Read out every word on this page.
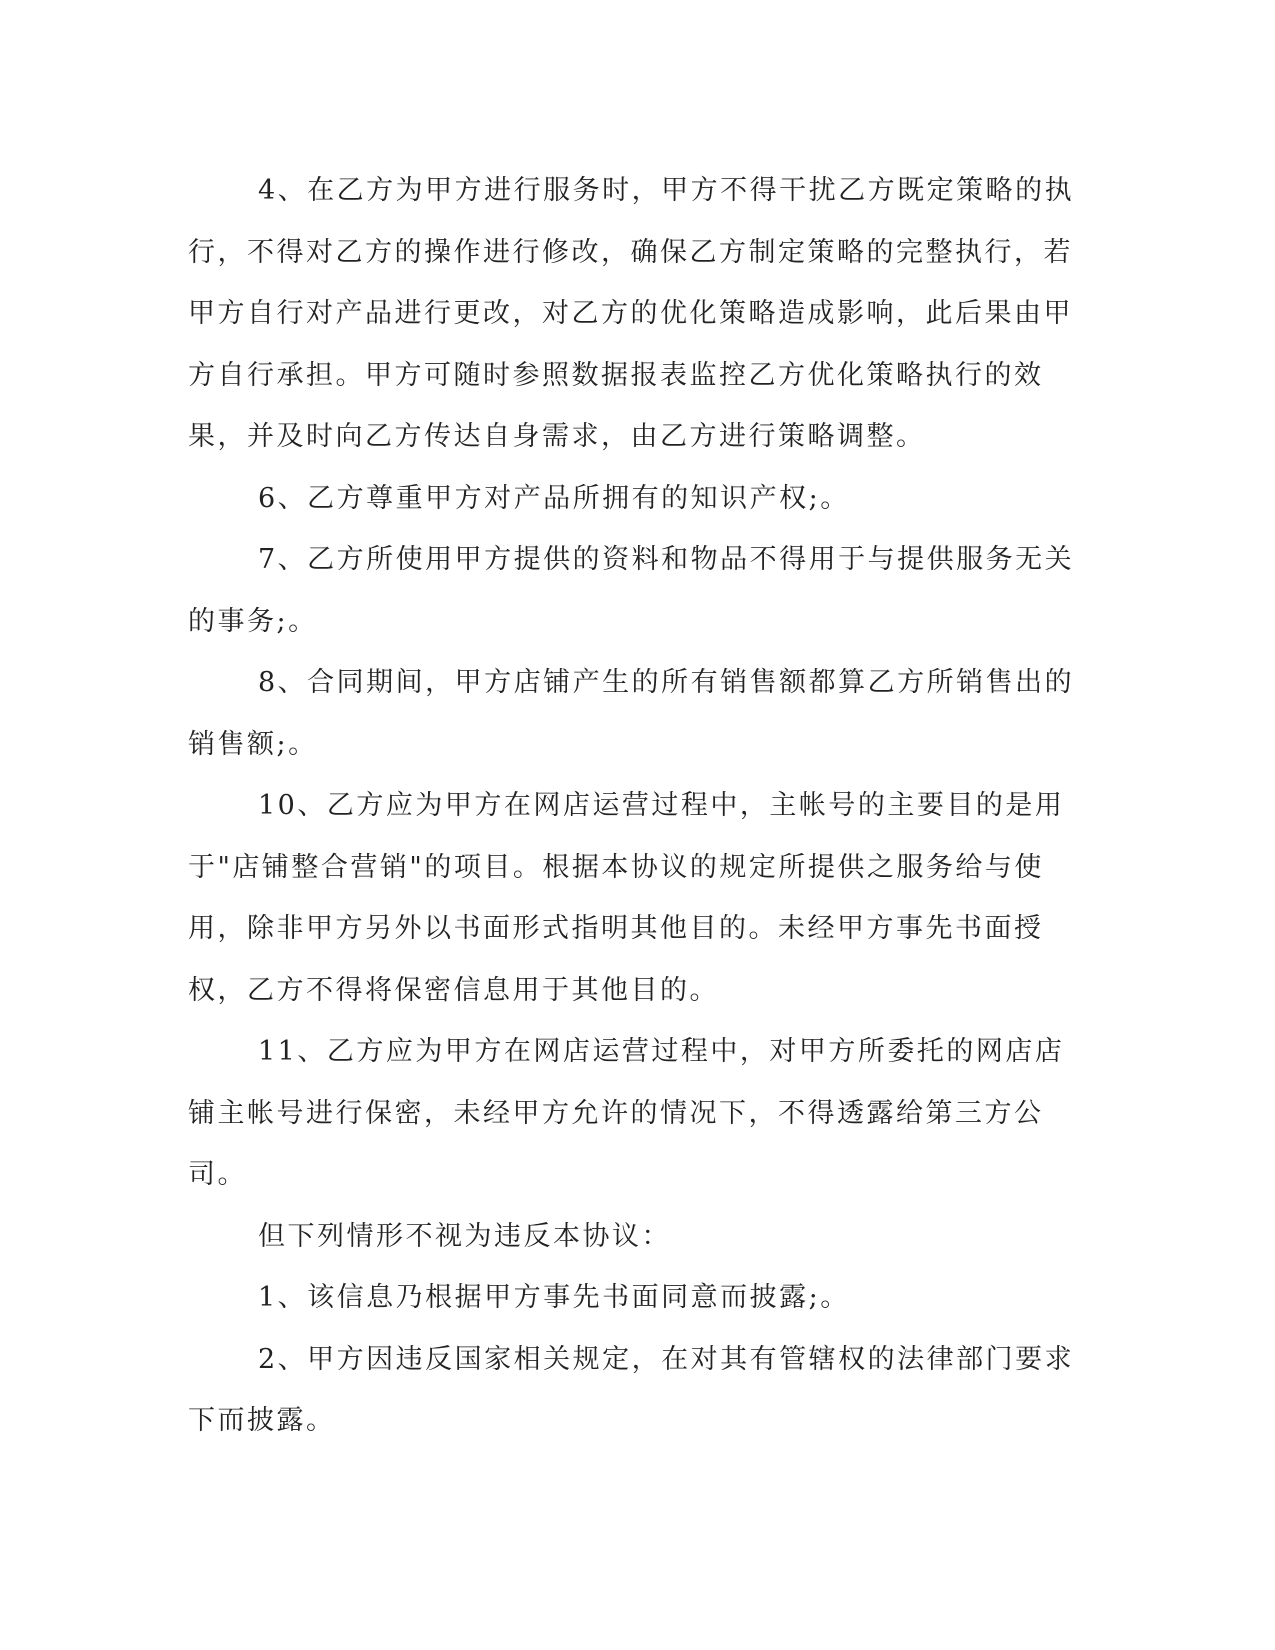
4、在乙方为甲方进行服务时，甲方不得干扰乙方既定策略的执行，不得对乙方的操作进行修改，确保乙方制定策略的完整执行，若甲方自行对产品进行更改，对乙方的优化策略造成影响，此后果由甲方自行承担。甲方可随时参照数据报表监控乙方优化策略执行的效果，并及时向乙方传达自身需求，由乙方进行策略调整。

6、乙方尊重甲方对产品所拥有的知识产权;。

7、乙方所使用甲方提供的资料和物品不得用于与提供服务无关的事务;。

8、合同期间，甲方店铺产生的所有销售额都算乙方所销售出的销售额;。

10、乙方应为甲方在网店运营过程中，主帐号的主要目的是用于"店铺整合营销"的项目。根据本协议的规定所提供之服务给与使用，除非甲方另外以书面形式指明其他目的。未经甲方事先书面授权，乙方不得将保密信息用于其他目的。

11、乙方应为甲方在网店运营过程中，对甲方所委托的网店店铺主帐号进行保密，未经甲方允许的情况下，不得透露给第三方公司。

但下列情形不视为违反本协议：

1、该信息乃根据甲方事先书面同意而披露;。

2、甲方因违反国家相关规定，在对其有管辖权的法律部门要求下而披露。
